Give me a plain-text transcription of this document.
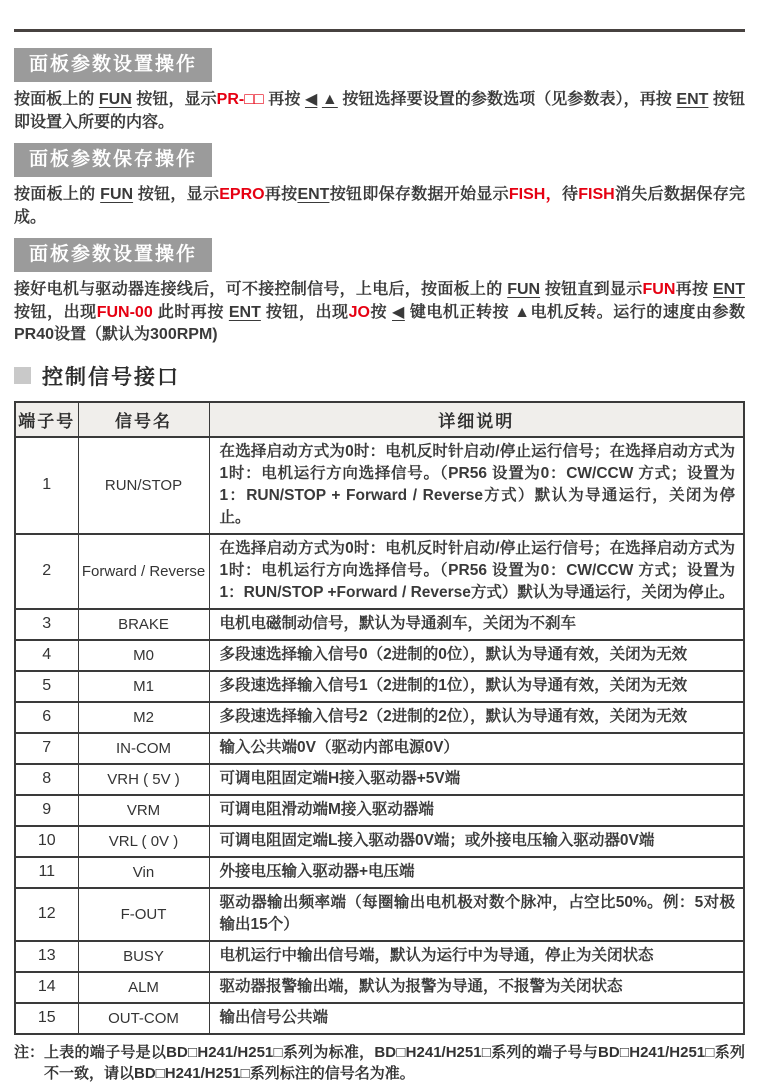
面板参数设置操作

按面板上的 FUN 按钮，显示PR-□□ 再按 ◀ ▲ 按钮选择要设置的参数选项（见参数表），再按 ENT 按钮即设置入所要的内容。

面板参数保存操作

按面板上的 FUN 按钮，显示EPRO再按ENT按钮即保存数据开始显示FISH，待FISH消失后数据保存完成。

面板参数设置操作

接好电机与驱动器连接线后，可不接控制信号，上电后，按面板上的 FUN 按钮直到显示FUN再按 ENT按钮，出现FUN-00 此时再按 ENT 按钮，出现JO按 ◀ 键电机正转按 ▲电机反转。运行的速度由参数PR40设置（默认为300RPM)

控制信号接口
端子号	信号名	详细说明
1	RUN/STOP	在选择启动方式为0时：电机反时针启动/停止运行信号；在选择启动方式为1时：电机运行方向选择信号。（PR56 设置为0：CW/CCW 方式；设置为1：RUN/STOP + Forward / Reverse方式）默认为导通运行，关闭为停止。
2	Forward / Reverse	在选择启动方式为0时：电机反时针启动/停止运行信号；在选择启动方式为1时：电机运行方向选择信号。（PR56 设置为0：CW/CCW 方式；设置为1：RUN/STOP +Forward / Reverse方式）默认为导通运行，关闭为停止。
3	BRAKE	电机电磁制动信号，默认为导通刹车，关闭为不刹车
4	M0	多段速选择输入信号0（2进制的0位），默认为导通有效，关闭为无效
5	M1	多段速选择输入信号1（2进制的1位），默认为导通有效，关闭为无效
6	M2	多段速选择输入信号2（2进制的2位），默认为导通有效，关闭为无效
7	IN-COM	输入公共端0V（驱动内部电源0V）
8	VRH ( 5V )	可调电阻固定端H接入驱动器+5V端
9	VRM	可调电阻滑动端M接入驱动器端
10	VRL ( 0V )	可调电阻固定端L接入驱动器0V端；或外接电压输入驱动器0V端
11	Vin	外接电压输入驱动器+电压端
12	F-OUT	驱动器输出频率端（每圈输出电机极对数个脉冲，占空比50%。例：5对极输出15个）
13	BUSY	电机运行中输出信号端，默认为运行中为导通，停止为关闭状态
14	ALM	驱动器报警输出端，默认为报警为导通，不报警为关闭状态
15	OUT-COM	输出信号公共端
注： 上表的端子号是以BD□H241/H251□系列为标准，BD□H241/H251□系列的端子号与BD□H241/H251□系列不一致，请以BD□H241/H251□系列标注的信号名为准。
